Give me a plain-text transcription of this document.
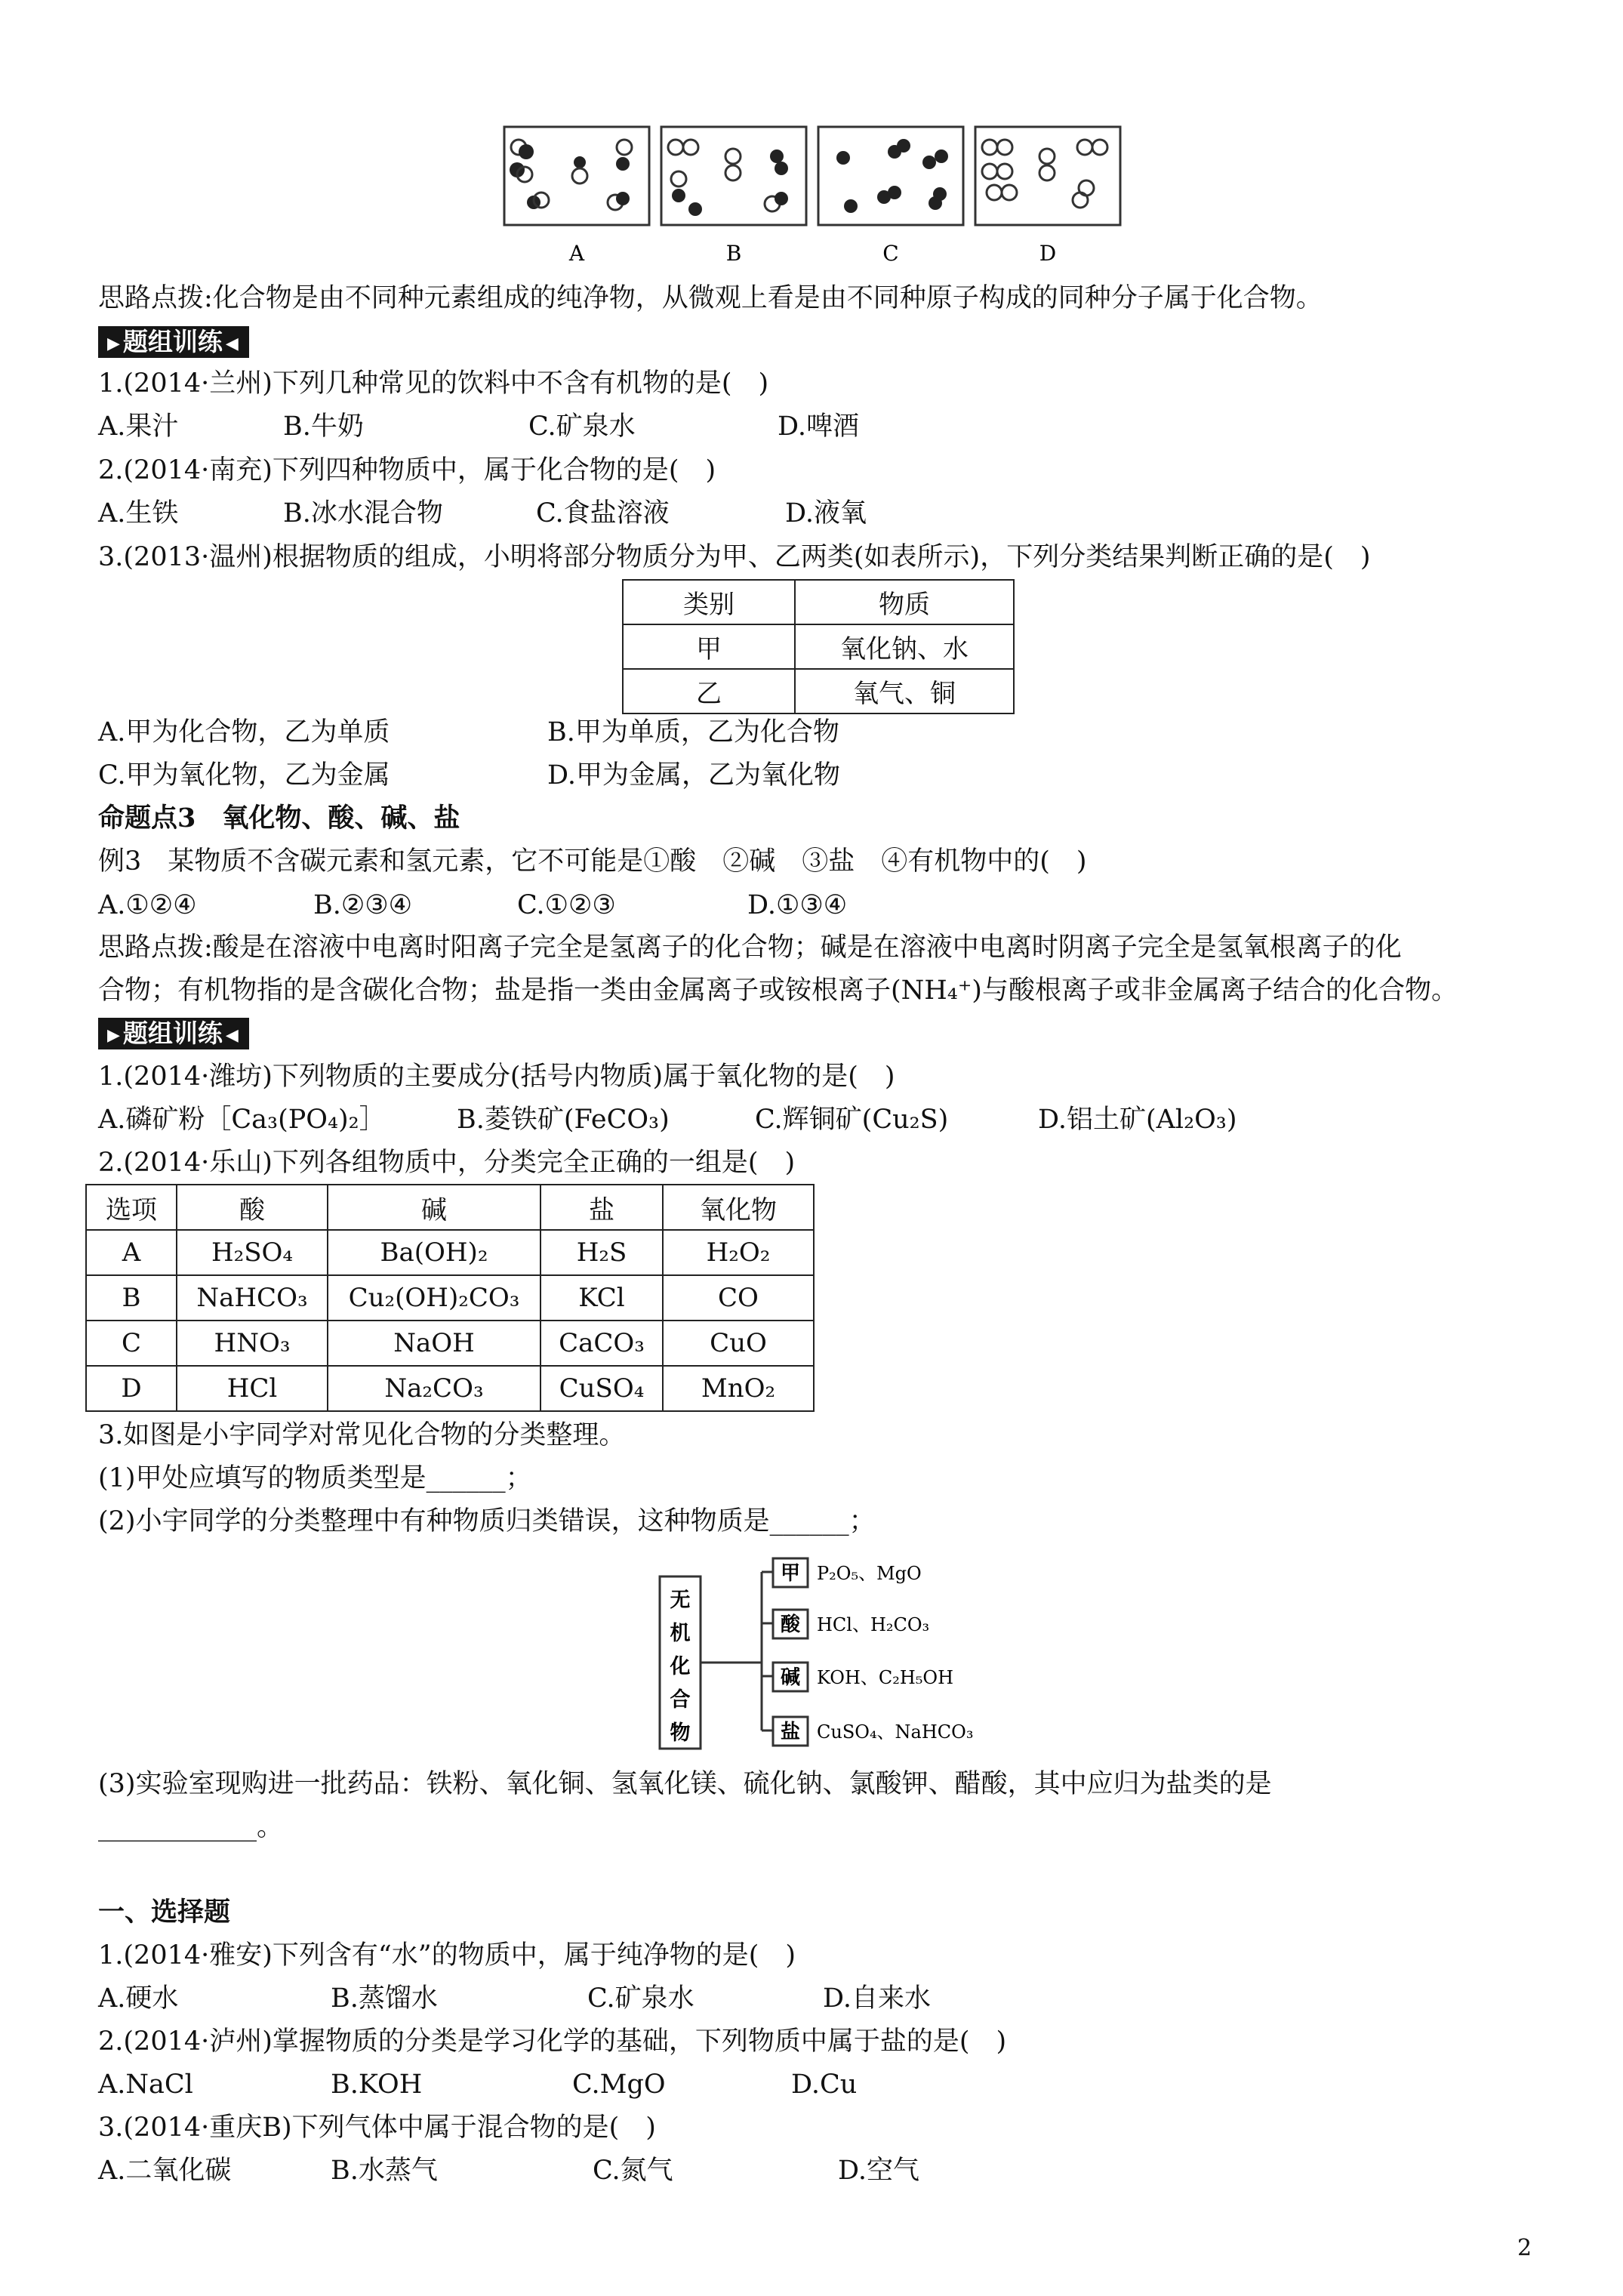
A	B	C	D
思路点拨:化合物是由不同种元素组成的纯净物，从微观上看是由不同种原子构成的同种分子属于化合物。
▶ 题组训练 ◀
1.(2014·兰州)下列几种常见的饮料中不含有机物的是(　)
A.果汁	B.牛奶	C.矿泉水	D.啤酒
2.(2014·南充)下列四种物质中，属于化合物的是(　)
A.生铁	B.冰水混合物	C.食盐溶液	D.液氧
3.(2013·温州)根据物质的组成，小明将部分物质分为甲、乙两类(如表所示)，下列分类结果判断正确的是(　)
类别	物质
甲	氧化钠、水
乙	氧气、铜
A.甲为化合物，乙为单质	B.甲为单质，乙为化合物
C.甲为氧化物，乙为金属	D.甲为金属，乙为氧化物
命题点3　氧化物、酸、碱、盐
例3　某物质不含碳元素和氢元素，它不可能是①酸　②碱　③盐　④有机物中的(　)
A.①②④	B.②③④	C.①②③	D.①③④
思路点拨:酸是在溶液中电离时阳离子完全是氢离子的化合物；碱是在溶液中电离时阴离子完全是氢氧根离子的化
合物；有机物指的是含碳化合物；盐是指一类由金属离子或铵根离子(NH₄⁺)与酸根离子或非金属离子结合的化合物。
▶ 题组训练 ◀
1.(2014·潍坊)下列物质的主要成分(括号内物质)属于氧化物的是(　)
A.磷矿粉［Ca₃(PO₄)₂］	B.菱铁矿(FeCO₃)	C.辉铜矿(Cu₂S)	D.铝土矿(Al₂O₃)
2.(2014·乐山)下列各组物质中，分类完全正确的一组是(　)
选项	酸	碱	盐	氧化物
A	H₂SO₄	Ba(OH)₂	H₂S	H₂O₂
B	NaHCO₃	Cu₂(OH)₂CO₃	KCl	CO
C	HNO₃	NaOH	CaCO₃	CuO
D	HCl	Na₂CO₃	CuSO₄	MnO₂
3.如图是小宇同学对常见化合物的分类整理。
(1)甲处应填写的物质类型是______；
(2)小宇同学的分类整理中有种物质归类错误，这种物质是______；
无
机
化
合
物
甲
酸
碱
盐
P₂O₅、MgO
HCl、H₂CO₃
KOH、C₂H₅OH
CuSO₄、NaHCO₃
(3)实验室现购进一批药品：铁粉、氧化铜、氢氧化镁、硫化钠、氯酸钾、醋酸，其中应归为盐类的是
____________。
一、选择题
1.(2014·雅安)下列含有“水”的物质中，属于纯净物的是(　)
A.硬水	B.蒸馏水	C.矿泉水	D.自来水
2.(2014·泸州)掌握物质的分类是学习化学的基础，下列物质中属于盐的是(　)
A.NaCl	B.KOH	C.MgO	D.Cu
3.(2014·重庆B)下列气体中属于混合物的是(　)
A.二氧化碳	B.水蒸气	C.氮气	D.空气
2
